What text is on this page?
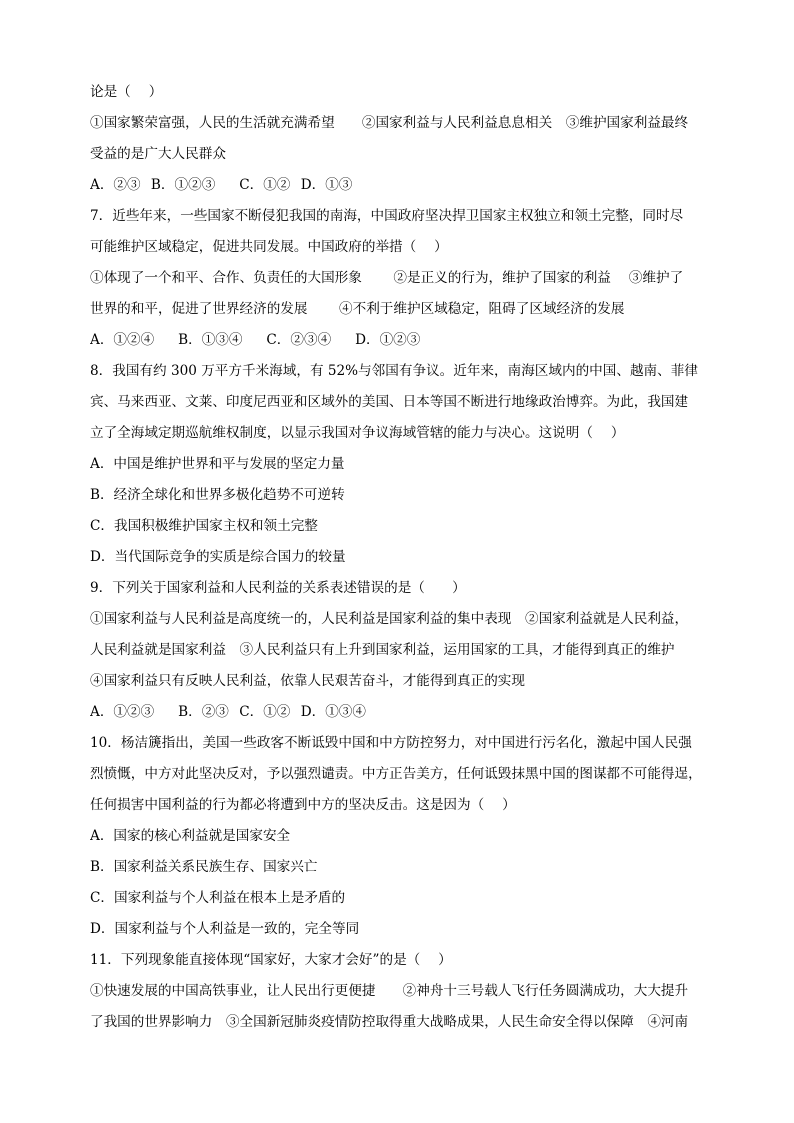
论是（　 ）
①国家繁荣富强，人民的生活就充满希望　　②国家利益与人民利益息息相关　③维护国家利益最终
受益的是广大人民群众
A．②③ B．①②③　 C．①② D．①③
7．近些年来，一些国家不断侵犯我国的南海，中国政府坚决捍卫国家主权独立和领土完整，同时尽
可能维护区域稳定，促进共同发展。中国政府的举措（　 ）
①体现了一个和平、合作、负责任的大国形象　　 ②是正义的行为，维护了国家的利益　 ③维护了
世界的和平，促进了世界经济的发展　　 ④不利于维护区域稳定，阻碍了区域经济的发展
A．①②④　 B．①③④　 C．②③④　 D．①②③
8．我国有约 300 万平方千米海域，有 52%与邻国有争议。近年来，南海区域内的中国、越南、菲律
宾、马来西亚、文莱、印度尼西亚和区域外的美国、日本等国不断进行地缘政治博弈。为此，我国建
立了全海域定期巡航维权制度，以显示我国对争议海域管辖的能力与决心。这说明（　 ）
A．中国是维护世界和平与发展的坚定力量
B．经济全球化和世界多极化趋势不可逆转
C．我国积极维护国家主权和领土完整
D．当代国际竞争的实质是综合国力的较量
9．下列关于国家利益和人民利益的关系表述错误的是（　　）
①国家利益与人民利益是高度统一的，人民利益是国家利益的集中表现　②国家利益就是人民利益，
人民利益就是国家利益　③人民利益只有上升到国家利益，运用国家的工具，才能得到真正的维护
④国家利益只有反映人民利益，依靠人民艰苦奋斗，才能得到真正的实现
A．①②③　 B．②③ C．①② D．①③④
10．杨洁篪指出，美国一些政客不断诋毁中国和中方防控努力，对中国进行污名化，激起中国人民强
烈愤慨，中方对此坚决反对，予以强烈谴责。中方正告美方，任何诋毁抹黑中国的图谋都不可能得逞，
任何损害中国利益的行为都必将遭到中方的坚决反击。这是因为（　 ）
A．国家的核心利益就是国家安全
B．国家利益关系民族生存、国家兴亡
C．国家利益与个人利益在根本上是矛盾的
D．国家利益与个人利益是一致的，完全等同
11．下列现象能直接体现“国家好，大家才会好”的是（　 ）
①快速发展的中国高铁事业，让人民出行更便捷　　②神舟十三号载人飞行任务圆满成功，大大提升
了我国的世界影响力　③全国新冠肺炎疫情防控取得重大战略成果，人民生命安全得以保障　④河南
